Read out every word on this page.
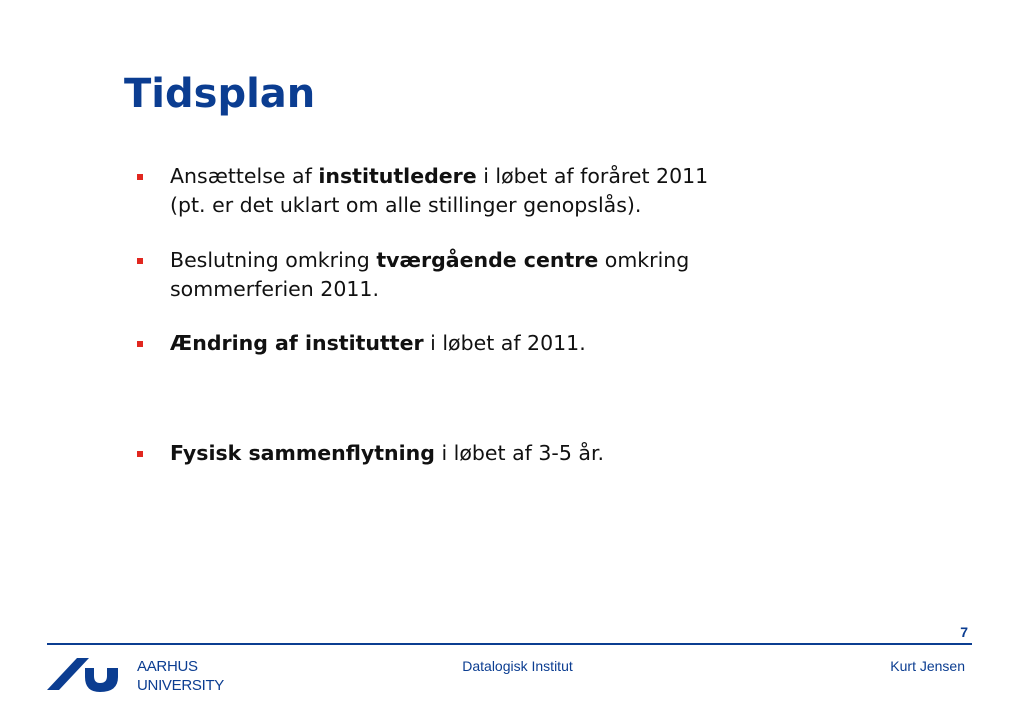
Tidsplan
Ansættelse af institutledere i løbet af foråret 2011
(pt. er det uklart om alle stillinger genopslås).
Beslutning omkring tværgående centre omkring
sommerferien 2011.
Ændring af institutter i løbet af 2011.
Fysisk sammenflytning i løbet af 3-5 år.
7
AARHUS
UNIVERSITY
Datalogisk Institut	Kurt Jensen
